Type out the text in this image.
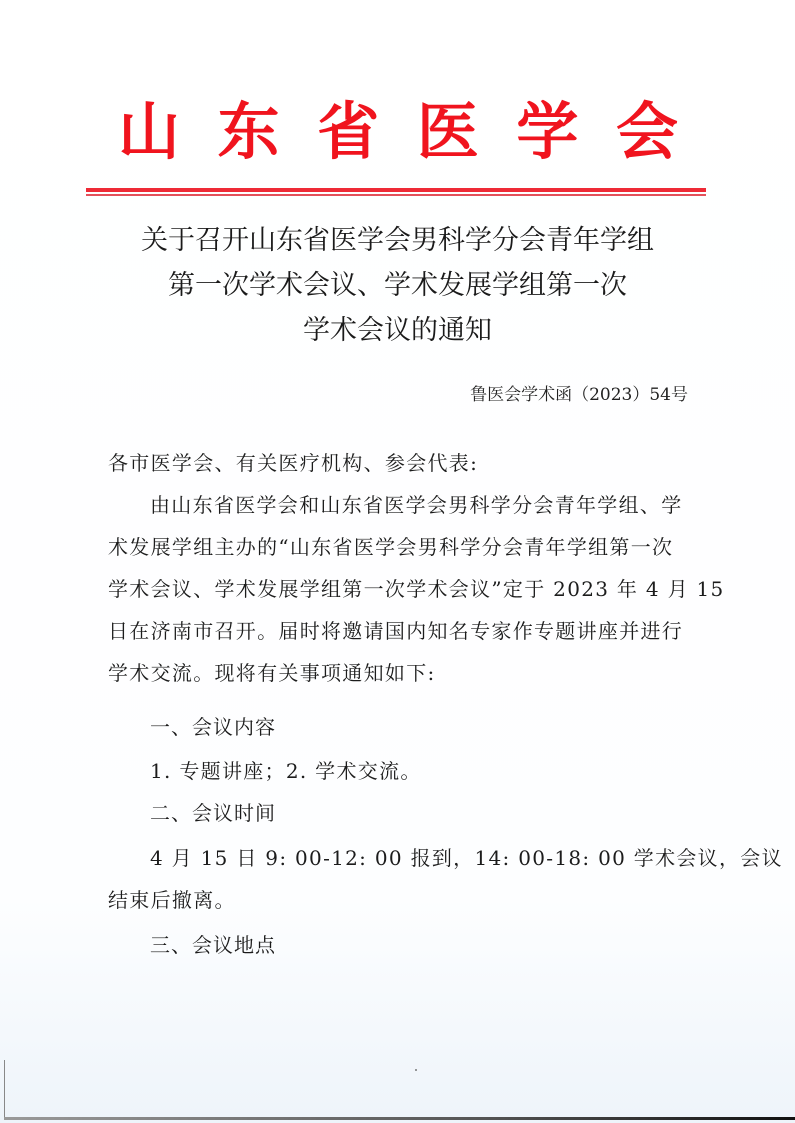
山 东 省 医 学 会
关于召开山东省医学会男科学分会青年学组
第一次学术会议、学术发展学组第一次
学术会议的通知
鲁医会学术函（2023）54号
各市医学会、有关医疗机构、参会代表:
由山东省医学会和山东省医学会男科学分会青年学组、学
术发展学组主办的“山东省医学会男科学分会青年学组第一次
学术会议、学术发展学组第一次学术会议”定于 2023 年 4 月 15
日在济南市召开。届时将邀请国内知名专家作专题讲座并进行
学术交流。现将有关事项通知如下:
一、会议内容
1. 专题讲座；2. 学术交流。
二、会议时间
4 月 15 日 9: 00-12: 00 报到，14: 00-18: 00 学术会议，会议
结束后撤离。
三、会议地点
